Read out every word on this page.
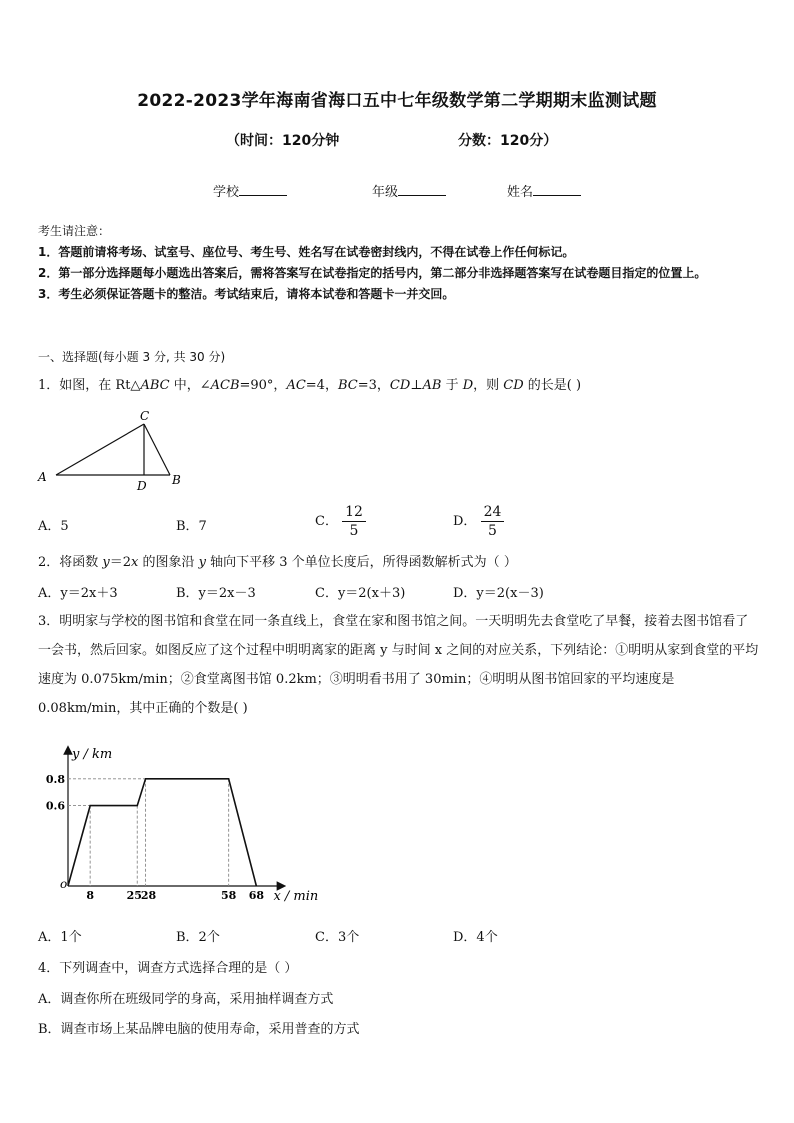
2022-2023学年海南省海口五中七年级数学第二学期期末监测试题
（时间：120分钟	分数：120分）
学校	年级	姓名
考生请注意：
1．答题前请将考场、试室号、座位号、考生号、姓名写在试卷密封线内，不得在试卷上作任何标记。
2．第一部分选择题每小题选出答案后，需将答案写在试卷指定的括号内，第二部分非选择题答案写在试卷题目指定的位置上。
3．考生必须保证答题卡的整洁。考试结束后，请将本试卷和答题卡一并交回。
一、选择题(每小题 3 分, 共 30 分)
1．如图，在 Rt△ABC 中，∠ACB=90°，AC=4，BC=3，CD⊥AB 于 D，则 CD 的长是( )
C
A	B
D
A．5	B．7	C． $\frac{12}{5}$	D． $\frac{24}{5}$
2．将函数 y＝2x 的图象沿 y 轴向下平移 3 个单位长度后，所得函数解析式为（ ）
A．y＝2x＋3	B．y＝2x－3	C．y＝2(x＋3)	D．y＝2(x－3)
3．明明家与学校的图书馆和食堂在同一条直线上，食堂在家和图书馆之间。一天明明先去食堂吃了早餐，接着去图书馆看了一会书，然后回家。如图反应了这个过程中明明离家的距离 y 与时间 x 之间的对应关系，下列结论：①明明从家到食堂的平均速度为 0.075km/min；②食堂离图书馆 0.2km；③明明看书用了 30min；④明明从图书馆回家的平均速度是 0.08km/min，其中正确的个数是( )
8	25
28	58 68
0.6
0.8
y / km
x / min
o
A．1个	B．2个	C．3个	D．4个
4．下列调查中，调查方式选择合理的是（ ）
A．调查你所在班级同学的身高，采用抽样调查方式
B．调查市场上某品牌电脑的使用寿命，采用普查的方式
